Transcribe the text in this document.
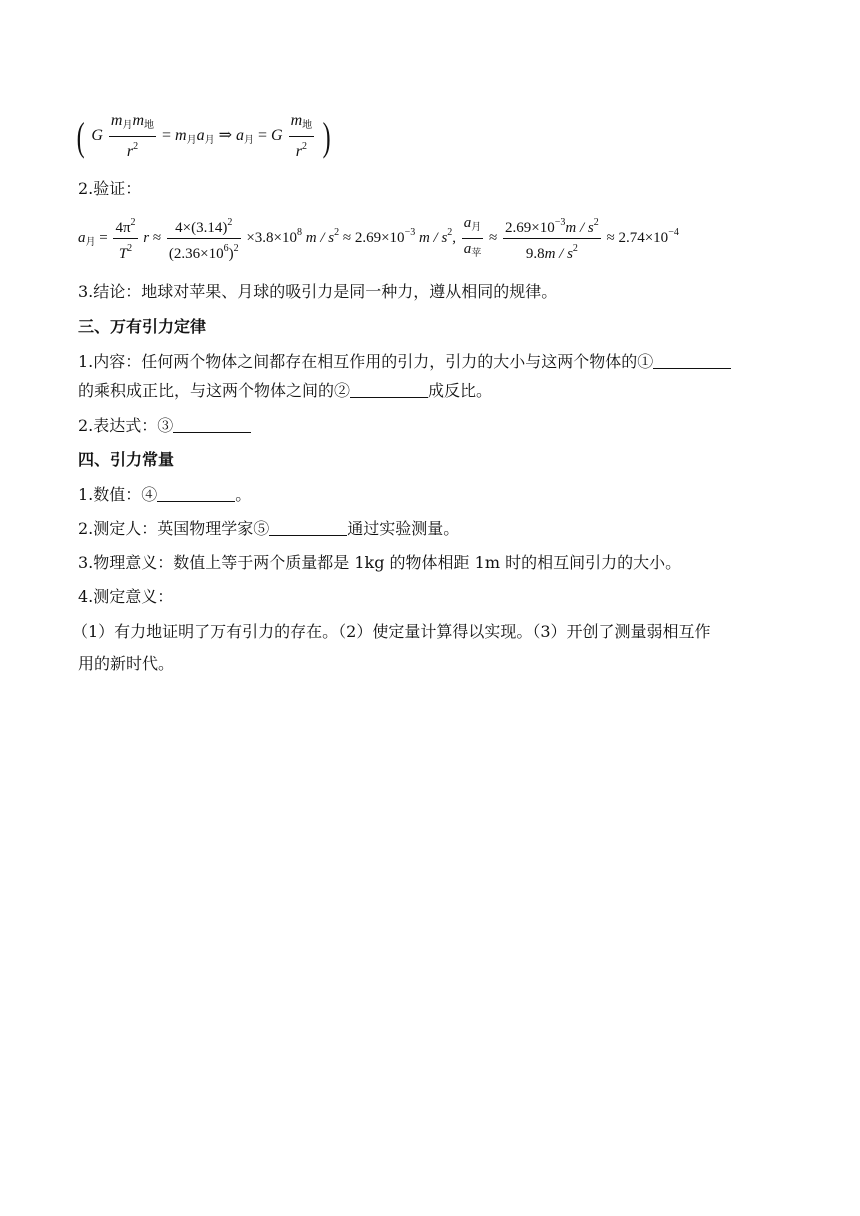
( G $\frac{m_月m_地}{r^2} = m_月a_月$ ⇒ $a_月 = G \frac{m_地}{r^2}$ )
2.验证：
$a_月 = \frac{4\pi^2}{T^2}$ $r \approx \frac{4\times(3.14)^2}{(2.36\times 10^6)^2} \times 3.8\times 10^8$ $m / s^2 \approx 2.69\times 10^{-3}$ m / $s^2$, $\frac{a_月}{a_苹} \approx \frac{2.69\times 10^{-3}m / s^2}{9.8m / s^2} \approx 2.74\times 10^{-4}$
3.结论：地球对苹果、月球的吸引力是同一种力，遵从相同的规律。
三、万有引力定律
1.内容：任何两个物体之间都存在相互作用的引力，引力的大小与这两个物体的①
的乘积成正比，与这两个物体之间的②	成反比。
2.表达式：③
四、引力常量
1.数值：④	。
2.测定人：英国物理学家⑤	通过实验测量。
3.物理意义：数值上等于两个质量都是 1kg 的物体相距 1m 时的相互间引力的大小。
4.测定意义：
（1）有力地证明了万有引力的存在。（2）使定量计算得以实现。（3）开创了测量弱相互作
用的新时代。
